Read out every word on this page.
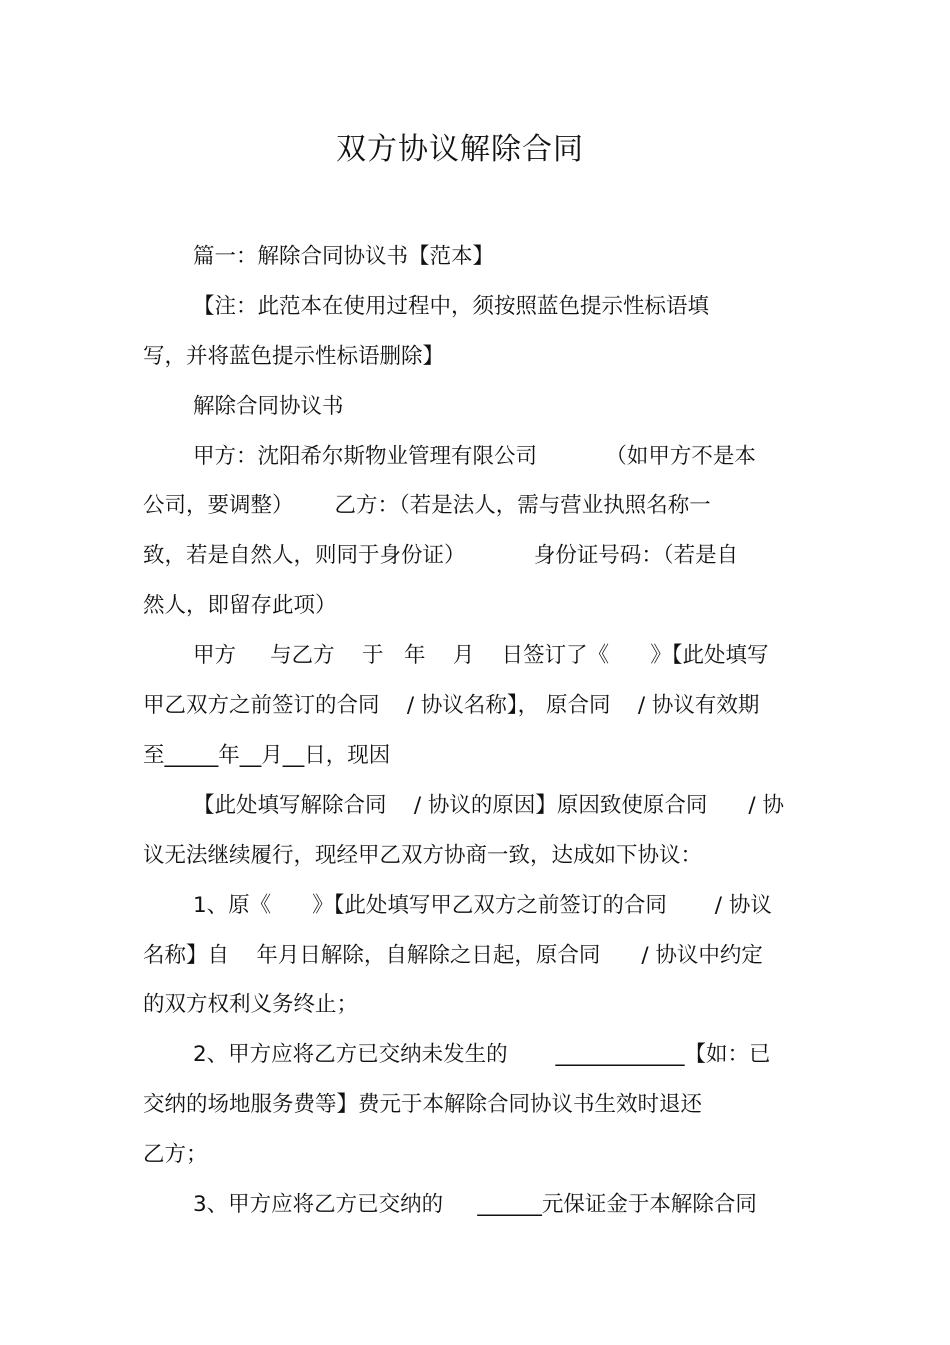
双方协议解除合同
篇一：解除合同协议书【范本】
【注：此范本在使用过程中，须按照蓝色提示性标语填
写，并将蓝色提示性标语删除】
解除合同协议书
甲方：沈阳希尔斯物业管理有限公司          （如甲方不是本
公司，要调整）      乙方：（若是法人，需与营业执照名称一
致，若是自然人，则同于身份证）          身份证号码：（若是自
然人，即留存此项）
甲方     与乙方    于   年    月    日签订了《      》【此处填写
甲乙双方之前签订的合同    / 协议名称】， 原合同    / 协议有效期
至_____年__月__日，现因
【此处填写解除合同    / 协议的原因】原因致使原合同      / 协
议无法继续履行，现经甲乙双方协商一致，达成如下协议：
1、原《      》【此处填写甲乙双方之前签订的合同       / 协议
名称】自    年月日解除，自解除之日起，原合同      / 协议中约定
的双方权利义务终止；
2、甲方应将乙方已交纳未发生的       ____________【如：已
交纳的场地服务费等】费元于本解除合同协议书生效时退还
乙方；
3、甲方应将乙方已交纳的     ______元保证金于本解除合同
